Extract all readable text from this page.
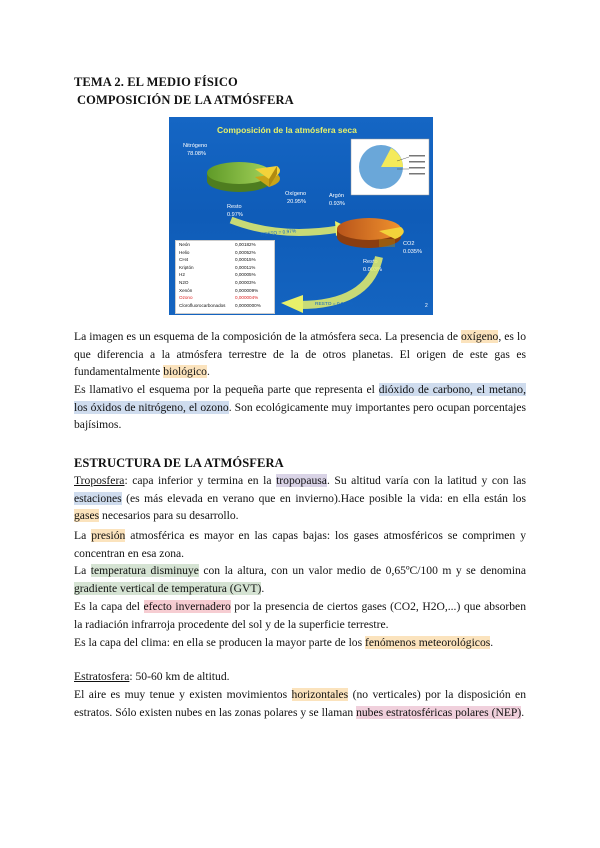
TEMA 2. EL MEDIO FÍSICO
COMPOSICIÓN DE LA ATMÓSFERA
Composición de la atmósfera seca
Nitrógeno
78.08%
Oxígeno
20.95%
Resto
0.97%
RESTO = 0.97%
Argón
0.93%
CO2
0.035%
Resto
0.003%
RESTO = 0.003%	2
Neón	0,00182%
Helio	0,00052%
CH4	0,00015%
Kriptón	0,00011%
H2	0,00005%
N2O	0,00003%
Xenón	0,000009%
Ozono	0,000004%
Clorofluorocarbonados	0,0000000%
La imagen es un esquema de la composición de la atmósfera seca. La presencia de oxígeno, es lo que diferencia a la atmósfera terrestre de la de otros planetas. El origen de este gas es fundamentalmente biológico.
Es llamativo el esquema por la pequeña parte que representa el dióxido de carbono, el metano, los óxidos de nitrógeno, el ozono. Son ecológicamente muy importantes pero ocupan porcentajes bajísimos.
ESTRUCTURA DE LA ATMÓSFERA
Troposfera: capa inferior y termina en la tropopausa. Su altitud varía con la latitud y con las estaciones (es más elevada en verano que en invierno).Hace posible la vida: en ella están los gases necesarios para su desarrollo.
La presión atmosférica es mayor en las capas bajas: los gases atmosféricos se comprimen y concentran en esa zona.
La temperatura disminuye con la altura, con un valor medio de 0,65ºC/100 m y se denomina gradiente vertical de temperatura (GVT).
Es la capa del efecto invernadero por la presencia de ciertos gases (CO2, H2O,...) que absorben la radiación infrarroja procedente del sol y de la superficie terrestre.
Es la capa del clima: en ella se producen la mayor parte de los fenómenos meteorológicos.
Estratosfera: 50-60 km de altitud.
El aire es muy tenue y existen movimientos horizontales (no verticales) por la disposición en estratos. Sólo existen nubes en las zonas polares y se llaman nubes estratosféricas polares (NEP).
